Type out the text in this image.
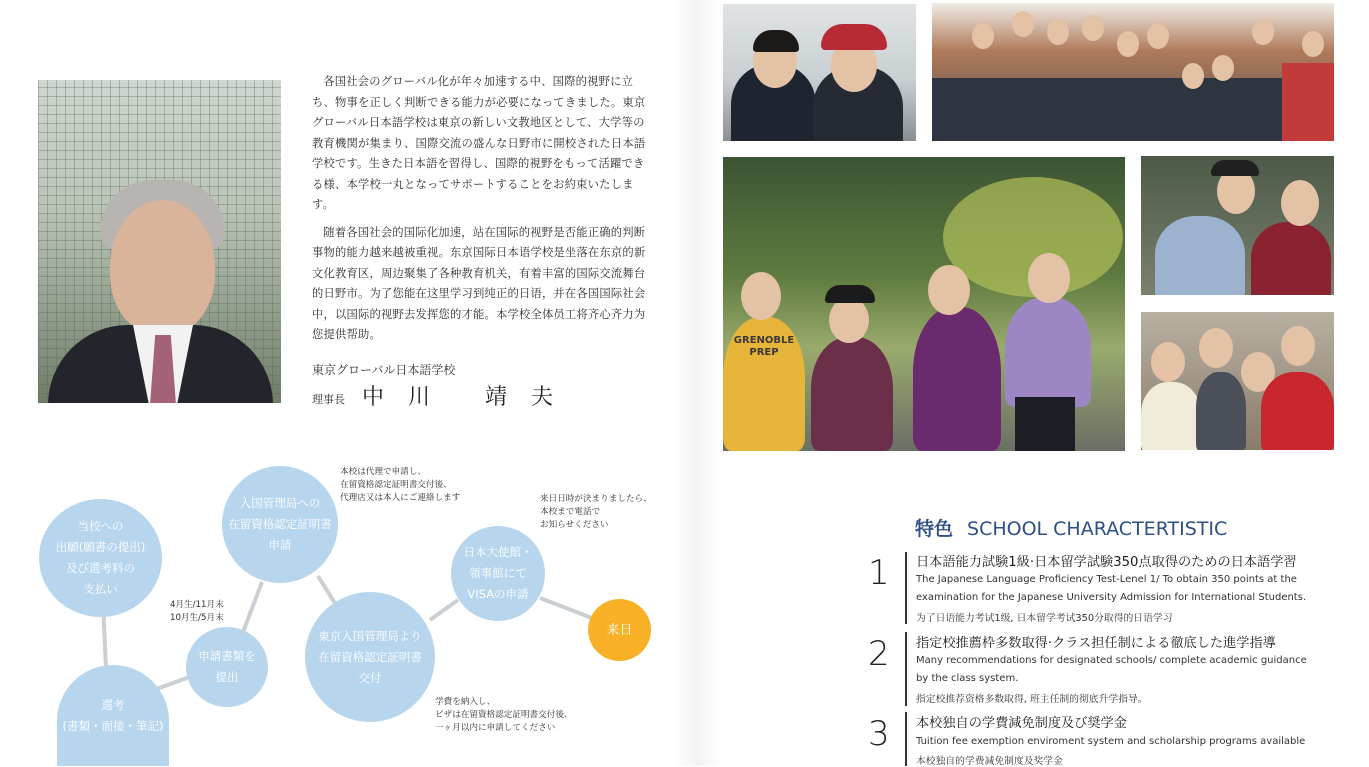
各国社会のグローバル化が年々加速する中、国際的視野に立ち、物事を正しく判断できる能力が必要になってきました。東京グローバル日本語学校は東京の新しい文教地区として、大学等の教育機関が集まり、国際交流の盛んな日野市に開校された日本語学校です。生きた日本語を習得し、国際的視野をもって活躍できる様、本学校一丸となってサポートすることをお約束いたします。

随着各国社会的国际化加速，站在国际的视野是否能正确的判断事物的能力越来越被重视。东京国际日本语学校是坐落在东京的新文化教育区，周边聚集了各种教育机关，有着丰富的国际交流舞台的日野市。为了您能在这里学习到纯正的日语，并在各国国际社会中，以国际的视野去发挥您的才能。本学校全体员工将齐心齐力为您提供帮助。

東京グローバル日本語学校
理事長 中川 靖夫
当校への
出願(願書の提出)
及び選考料の
支払い
選考
(書類・面接・筆記)
申請書類を
提出
入国管理局への
在留資格認定証明書
申請
東京入国管理局より
在留資格認定証明書
交付
日本大使館・
領事館にて
VISAの申請
来日
4月生/11月末
10月生/5月末
本校は代理で申請し、
在留資格認定証明書交付後、
代理店又は本人にご連絡します	来日日時が決まりましたら、
本校まで電話で
お知らせください
学費を納入し、
ビザは在留資格認定証明書交付後、
一ヶ月以内に申請してください
GRENOBLE PREP
特色 SCHOOL CHARACTERTISTIC
1 日本語能力試験1級·日本留学試験350点取得のための日本語学習
The Japanese Language Proficiency Test-Lenel 1/ To obtain 350 points at the
examination for the Japanese University Admission for International Students.
为了日语能力考试1级, 日本留学考试350分取得的日语学习
2 指定校推薦枠多数取得·クラス担任制による徹底した進学指導
Many recommendations for designated schools/ complete academic guidance
by the class system.
指定校推荐资格多数取得, 班主任制的彻底升学指导。
3 本校独自の学費減免制度及び奨学金
Tuition fee exemption enviroment system and scholarship programs available
本校独自的学费减免制度及奖学金
